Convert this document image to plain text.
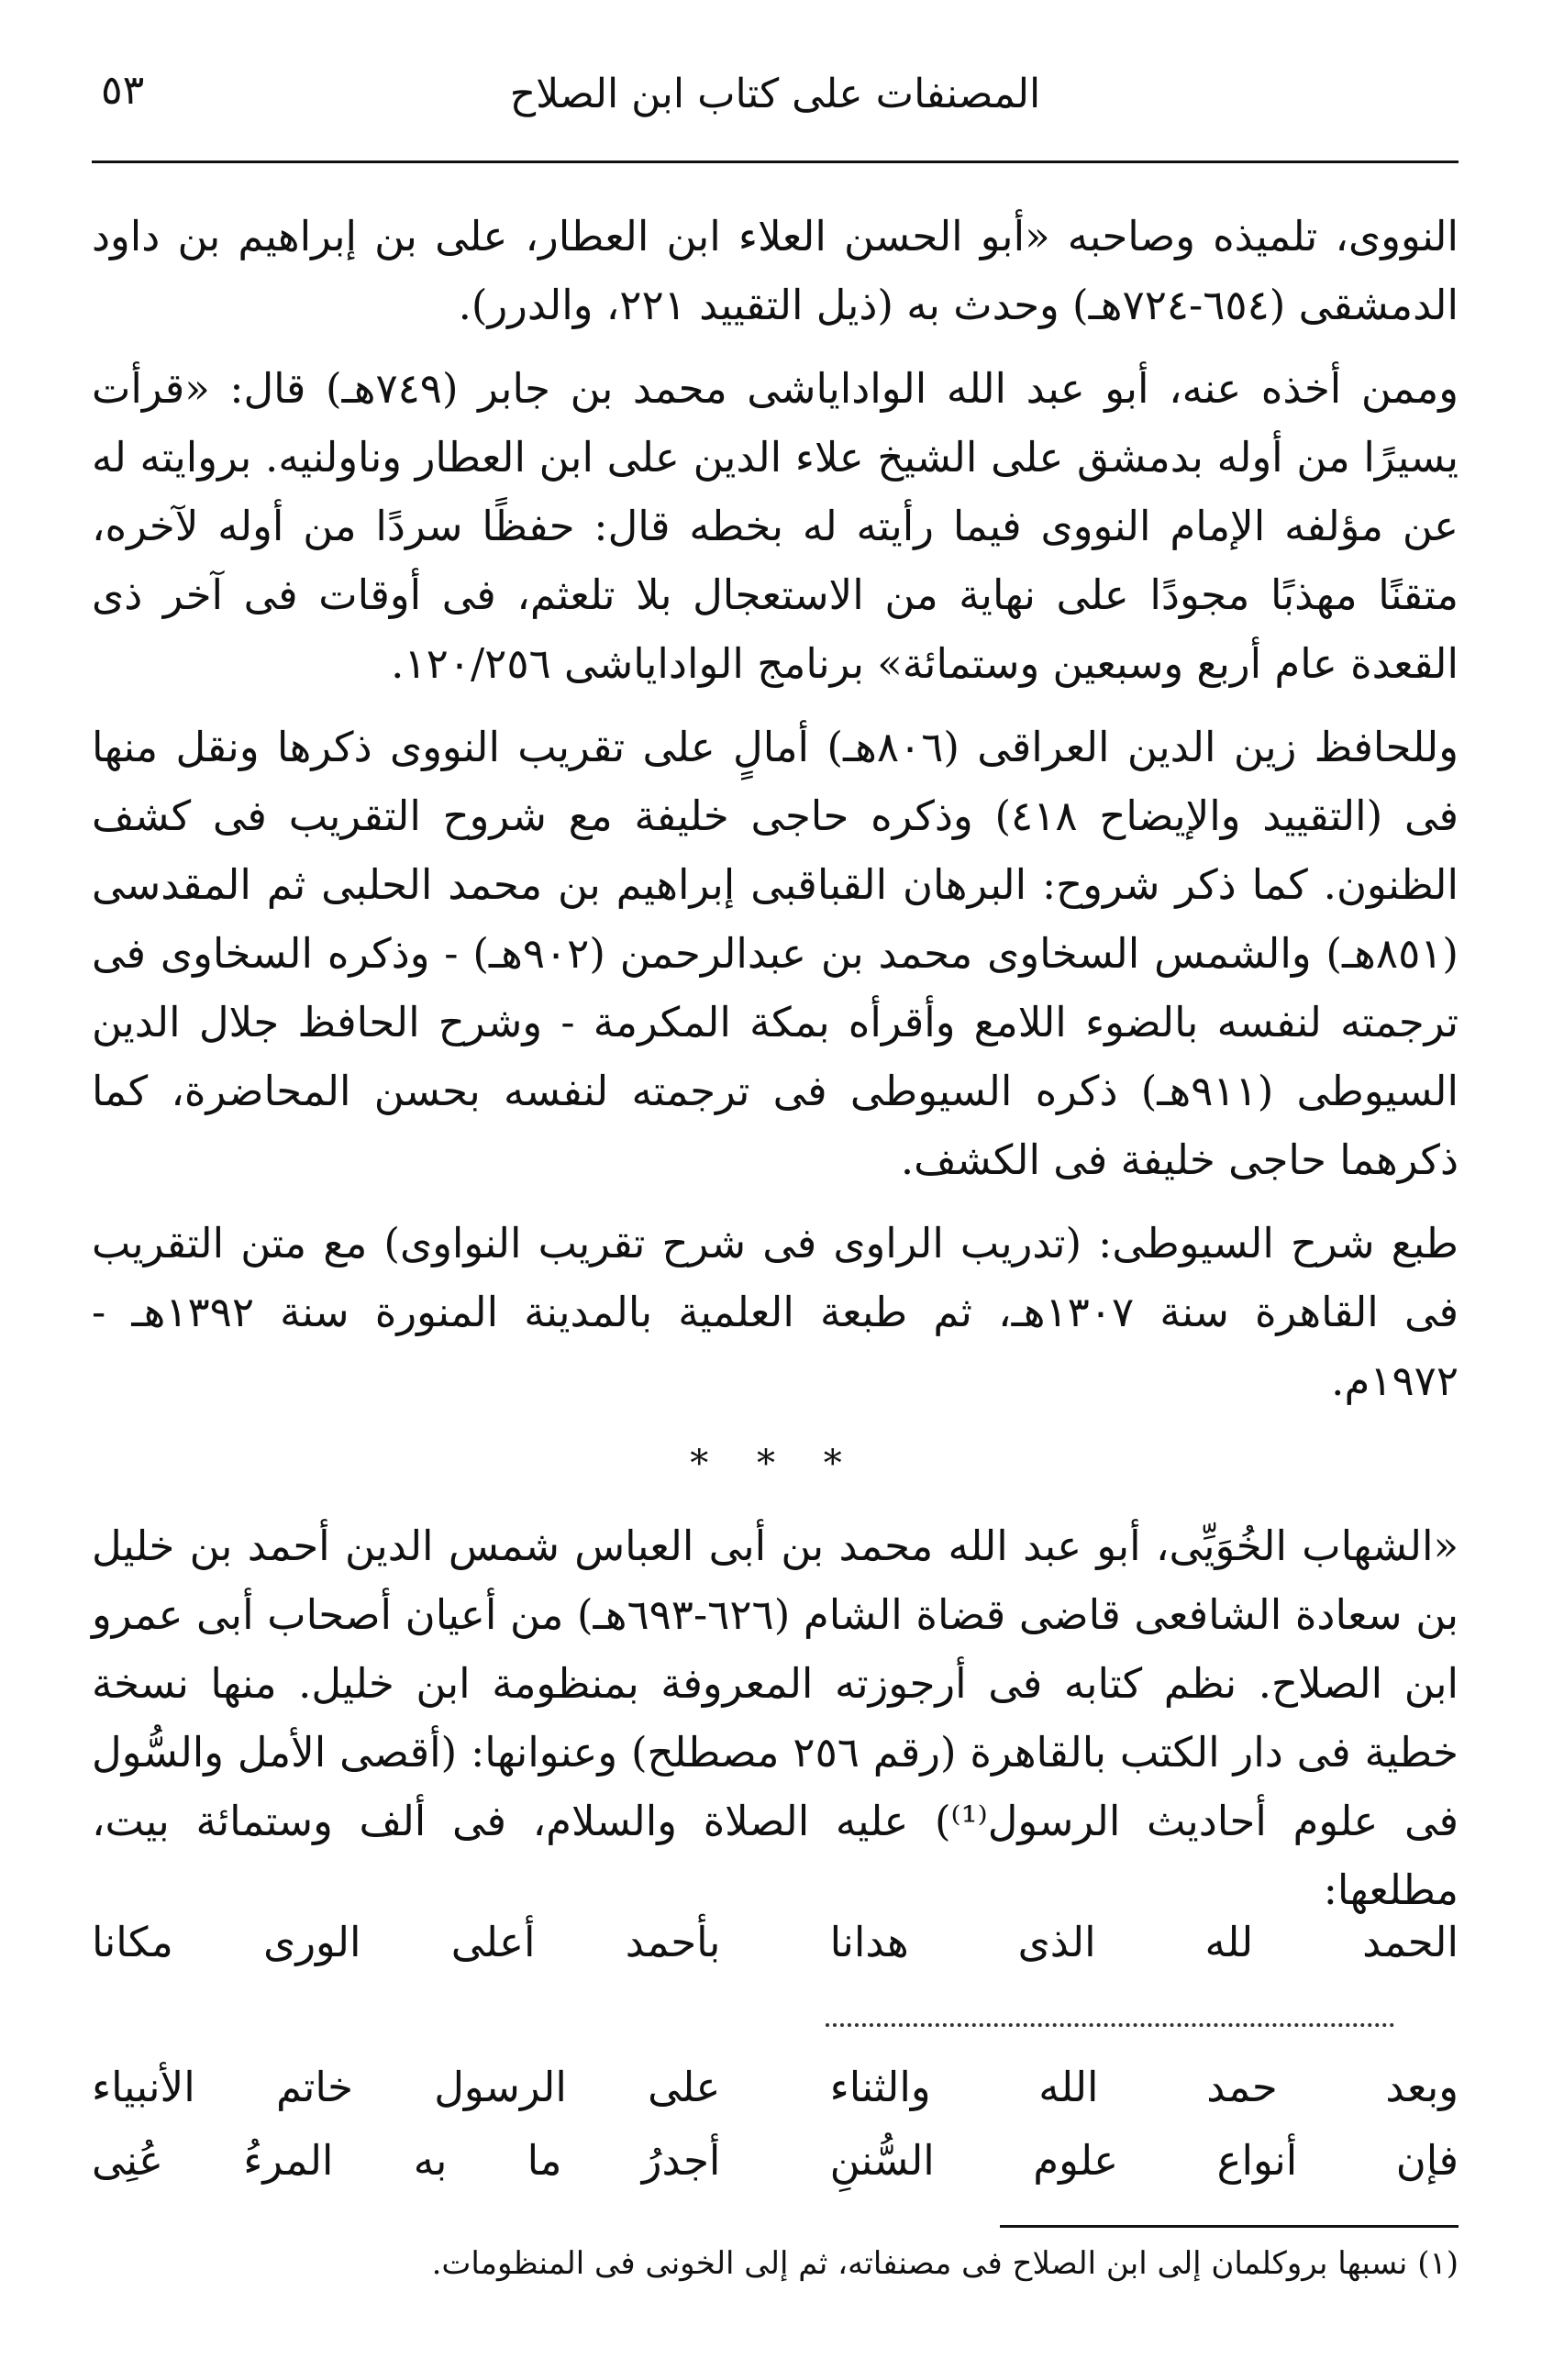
٥٣	المصنفات على كتاب ابن الصلاح

النووى، تلميذه وصاحبه «أبو الحسن العلاء ابن العطار، على بن إبراهيم بن داود الدمشقى (٦٥٤-٧٢٤هـ) وحدث به (ذيل التقييد ٢٢١، والدرر).

وممن أخذه عنه، أبو عبد الله الواداياشى محمد بن جابر (٧٤٩هـ) قال: «قرأت يسيرًا من أوله بدمشق على الشيخ علاء الدين على ابن العطار وناولنيه. بروايته له عن مؤلفه الإمام النووى فيما رأيته له بخطه قال: حفظًا سردًا من أوله لآخره، متقنًا مهذبًا مجودًا على نهاية من الاستعجال بلا تلعثم، فى أوقات فى آخر ذى القعدة عام أربع وسبعين وستمائة» برنامج الواداياشى ١٢٠/٢٥٦.

وللحافظ زين الدين العراقى (٨٠٦هـ) أمالٍ على تقريب النووى ذكرها ونقل منها فى (التقييد والإيضاح ٤١٨) وذكره حاجى خليفة مع شروح التقريب فى كشف الظنون. كما ذكر شروح: البرهان القباقبى إبراهيم بن محمد الحلبى ثم المقدسى (٨٥١هـ) والشمس السخاوى محمد بن عبدالرحمن (٩٠٢هـ) - وذكره السخاوى فى ترجمته لنفسه بالضوء اللامع وأقرأه بمكة المكرمة - وشرح الحافظ جلال الدين السيوطى (٩١١هـ) ذكره السيوطى فى ترجمته لنفسه بحسن المحاضرة، كما ذكرهما حاجى خليفة فى الكشف.

طبع شرح السيوطى: (تدريب الراوى فى شرح تقريب النواوى) مع متن التقريب فى القاهرة سنة ١٣٠٧هـ، ثم طبعة العلمية بالمدينة المنورة سنة ١٣٩٢هـ - ١٩٧٢م.

* * *

«الشهاب الخُوَيِّى، أبو عبد الله محمد بن أبى العباس شمس الدين أحمد بن خليل بن سعادة الشافعى قاضى قضاة الشام (٦٢٦-٦٩٣هـ) من أعيان أصحاب أبى عمرو ابن الصلاح. نظم كتابه فى أرجوزته المعروفة بمنظومة ابن خليل. منها نسخة خطية فى دار الكتب بالقاهرة (رقم ٢٥٦ مصطلح) وعنوانها: (أقصى الأمل والسُّول فى علوم أحاديث الرسول⁽¹⁾) عليه الصلاة والسلام، فى ألف وستمائة بيت، مطلعها:

الحمد لله الذى هدانا
بأحمد أعلى الورى مكانا
وبعد حمد الله والثناء
على الرسول خاتم الأنبياء
فإن أنواع علوم السُّننِ
أجدرُ ما به المرءُ عُنِى
(١) نسبها بروكلمان إلى ابن الصلاح فى مصنفاته، ثم إلى الخونى فى المنظومات.
